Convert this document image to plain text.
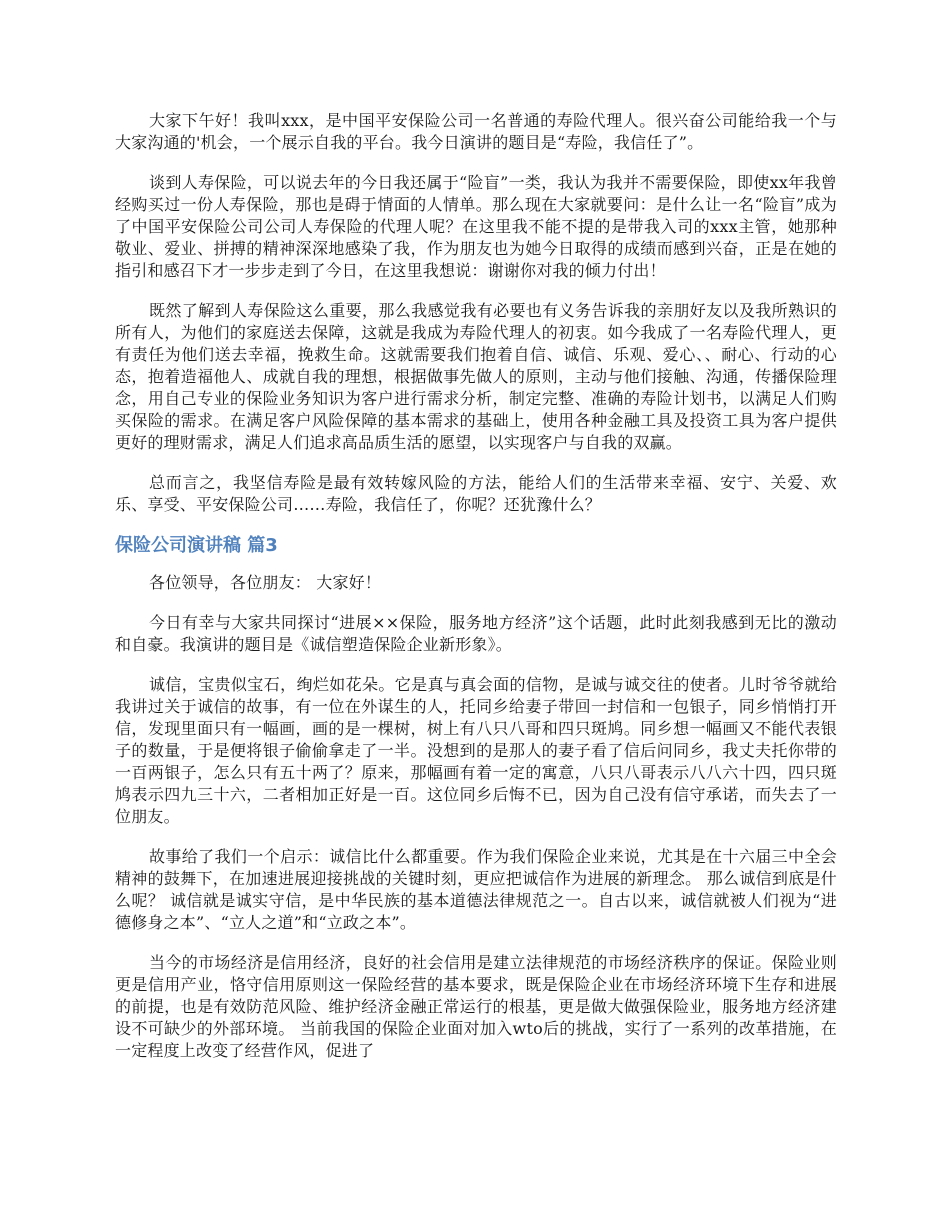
大家下午好！我叫xxx，是中国平安保险公司一名普通的寿险代理人。很兴奋公司能给我一个与大家沟通的'机会，一个展示自我的平台。我今日演讲的题目是“寿险，我信任了”。

谈到人寿保险，可以说去年的今日我还属于“险盲”一类，我认为我并不需要保险，即使xx年我曾经购买过一份人寿保险，那也是碍于情面的人情单。那么现在大家就要问：是什么让一名“险盲”成为了中国平安保险公司公司人寿保险的代理人呢？在这里我不能不提的是带我入司的xxx主管，她那种敬业、爱业、拼搏的精神深深地感染了我，作为朋友也为她今日取得的成绩而感到兴奋，正是在她的指引和感召下才一步步走到了今日，在这里我想说：谢谢你对我的倾力付出！

既然了解到人寿保险这么重要，那么我感觉我有必要也有义务告诉我的亲朋好友以及我所熟识的所有人，为他们的家庭送去保障，这就是我成为寿险代理人的初衷。如今我成了一名寿险代理人，更有责任为他们送去幸福，挽救生命。这就需要我们抱着自信、诚信、乐观、爱心、、耐心、行动的心态，抱着造福他人、成就自我的理想，根据做事先做人的原则，主动与他们接触、沟通，传播保险理念，用自己专业的保险业务知识为客户进行需求分析，制定完整、准确的寿险计划书，以满足人们购买保险的需求。在满足客户风险保障的基本需求的基础上，使用各种金融工具及投资工具为客户提供更好的理财需求，满足人们追求高品质生活的愿望，以实现客户与自我的双赢。

总而言之，我坚信寿险是最有效转嫁风险的方法，能给人们的生活带来幸福、安宁、关爱、欢乐、享受、平安保险公司……寿险，我信任了，你呢？还犹豫什么？

保险公司演讲稿 篇3

各位领导，各位朋友： 大家好！

今日有幸与大家共同探讨“进展××保险，服务地方经济”这个话题，此时此刻我感到无比的激动和自豪。我演讲的题目是《诚信塑造保险企业新形象》。

诚信，宝贵似宝石，绚烂如花朵。它是真与真会面的信物，是诚与诚交往的使者。儿时爷爷就给我讲过关于诚信的故事，有一位在外谋生的人，托同乡给妻子带回一封信和一包银子，同乡悄悄打开信，发现里面只有一幅画，画的是一棵树，树上有八只八哥和四只斑鸠。同乡想一幅画又不能代表银子的数量，于是便将银子偷偷拿走了一半。没想到的是那人的妻子看了信后问同乡，我丈夫托你带的一百两银子，怎么只有五十两了？原来，那幅画有着一定的寓意，八只八哥表示八八六十四，四只斑鸠表示四九三十六，二者相加正好是一百。这位同乡后悔不已，因为自己没有信守承诺，而失去了一位朋友。

故事给了我们一个启示：诚信比什么都重要。作为我们保险企业来说，尤其是在十六届三中全会精神的鼓舞下，在加速进展迎接挑战的关键时刻，更应把诚信作为进展的新理念。 那么诚信到底是什么呢？ 诚信就是诚实守信，是中华民族的基本道德法律规范之一。自古以来，诚信就被人们视为“进德修身之本”、“立人之道”和“立政之本”。

当今的市场经济是信用经济，良好的社会信用是建立法律规范的市场经济秩序的保证。保险业则更是信用产业，恪守信用原则这一保险经营的基本要求，既是保险企业在市场经济环境下生存和进展的前提，也是有效防范风险、维护经济金融正常运行的根基，更是做大做强保险业，服务地方经济建设不可缺少的外部环境。 当前我国的保险企业面对加入wto后的挑战，实行了一系列的改革措施，在一定程度上改变了经营作风，促进了
